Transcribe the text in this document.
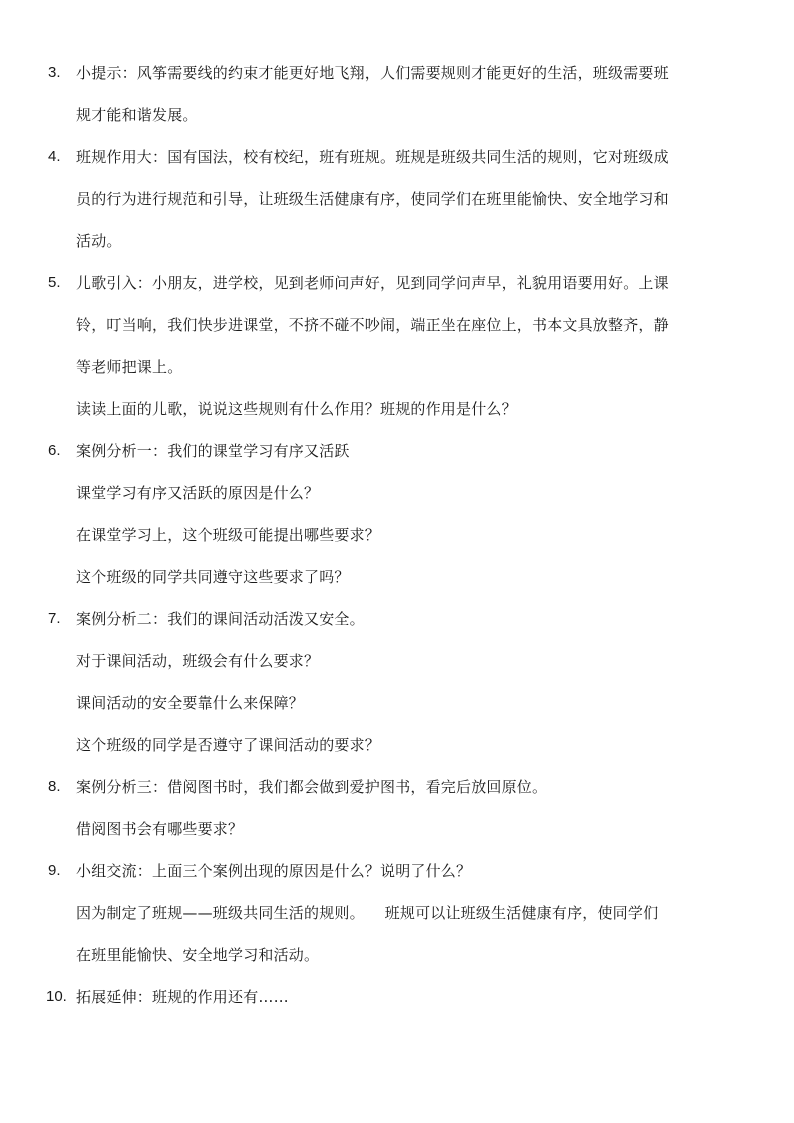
3. 小提示：风筝需要线的约束才能更好地飞翔，人们需要规则才能更好的生活，班级需要班
规才能和谐发展。
4. 班规作用大：国有国法，校有校纪，班有班规。班规是班级共同生活的规则，它对班级成
员的行为进行规范和引导，让班级生活健康有序，使同学们在班里能愉快、安全地学习和
活动。
5. 儿歌引入：小朋友，进学校，见到老师问声好，见到同学问声早，礼貌用语要用好。上课
铃，叮当响，我们快步进课堂，不挤不碰不吵闹，端正坐在座位上，书本文具放整齐，静
等老师把课上。
读读上面的儿歌，说说这些规则有什么作用？班规的作用是什么？
6. 案例分析一：我们的课堂学习有序又活跃
课堂学习有序又活跃的原因是什么？
在课堂学习上，这个班级可能提出哪些要求？
这个班级的同学共同遵守这些要求了吗？
7. 案例分析二：我们的课间活动活泼又安全。
对于课间活动，班级会有什么要求？
课间活动的安全要靠什么来保障？
这个班级的同学是否遵守了课间活动的要求？
8. 案例分析三：借阅图书时，我们都会做到爱护图书，看完后放回原位。
借阅图书会有哪些要求？
9. 小组交流：上面三个案例出现的原因是什么？说明了什么？
因为制定了班规——班级共同生活的规则。    班规可以让班级生活健康有序，使同学们
在班里能愉快、安全地学习和活动。
10. 拓展延伸：班规的作用还有……
